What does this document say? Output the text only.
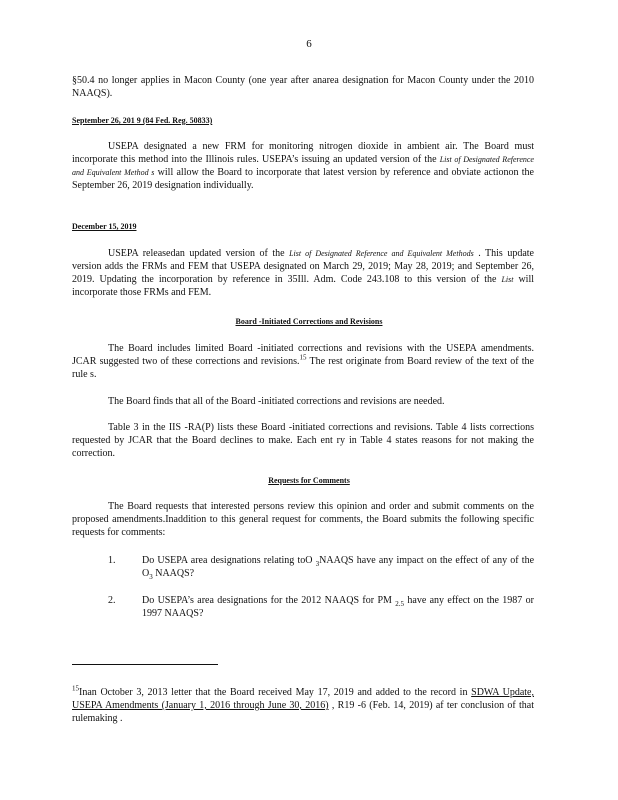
6

§50.4 no longer applies in Macon County (one year after anarea designation for Macon County under the 2010 NAAQS).

September 26, 201 9 (84 Fed. Reg. 50833)

USEPA designated a new FRM for monitoring nitrogen dioxide in ambient air. The Board must incorporate this method into the Illinois rules. USEPA’s issuing an updated version of the List of Designated Reference and Equivalent Method s will allow the Board to incorporate that latest version by reference and obviate actionon the September 26, 2019 designation individually.

December 15, 2019

USEPA releasedan updated version of the List of Designated Reference and Equivalent Methods . This update version adds the FRMs and FEM that USEPA designated on March 29, 2019; May 28, 2019; and September 26, 2019. Updating the incorporation by reference in 35Ill. Adm. Code 243.108 to this version of the List will incorporate those FRMs and FEM.

Board -Initiated Corrections and Revisions

The Board includes limited Board -initiated corrections and revisions with the USEPA amendments. JCAR suggested two of these corrections and revisions.$^{15}$ The rest originate from Board review of the text of the rule s.

The Board finds that all of the Board -initiated corrections and revisions are needed.

Table 3 in the IIS -RA(P) lists these Board -initiated corrections and revisions. Table 4 lists corrections requested by JCAR that the Board declines to make. Each ent ry in Table 4 states reasons for not making the correction.

Requests for Comments

The Board requests that interested persons review this opinion and order and submit comments on the proposed amendments.Inaddition to this general request for comments, the Board submits the following specific requests for comments:

1.	Do USEPA area designations relating toO $_3$NAAQS have any impact on the effect of any of the $O_3$ NAAQS?
2.	Do USEPA’s area designations for the 2012 NAAQS for PM $_{2.5}$ have any effect on the 1987 or 1997 NAAQS?

$^{15}$Inan October 3, 2013 letter that the Board received May 17, 2019 and added to the record in SDWA Update, USEPA Amendments (January 1, 2016 through June 30, 2016) , R19 -6 (Feb. 14, 2019) af ter conclusion of that rulemaking .
